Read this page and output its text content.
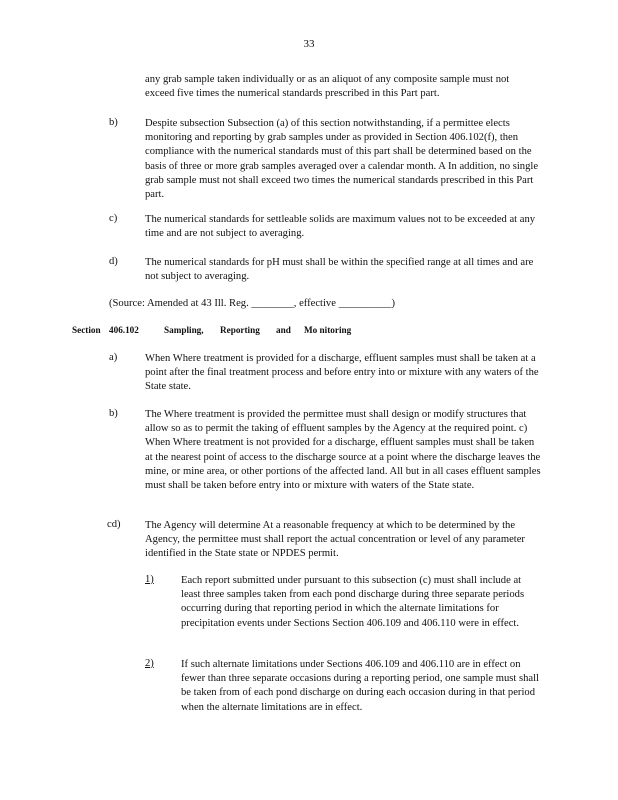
33
any grab sample taken individually or as an aliquot of any composite sample must not exceed five times the numerical standards prescribed in this Part part.
b)	Despite subsection Subsection (a) of this section notwithstanding, if a permittee elects monitoring and reporting by grab samples under as provided in Section 406.102(f), then compliance with the numerical standards must of this part shall be determined based on the basis of three or more grab samples averaged over a calendar month. A In addition, no single grab sample must not shall exceed two times the numerical standards prescribed in this Part part.
c)	The numerical standards for settleable solids are maximum values not to be exceeded at any time and are not subject to averaging.
d)	The numerical standards for pH must shall be within the specified range at all times and are not subject to averaging.
(Source: Amended at 43 Ill. Reg. ________, effective __________)
Section 406.102	Sampling,	Reporting	and	Mo nitoring
a)	When Where treatment is provided for a discharge, effluent samples must shall be taken at a point after the final treatment process and before entry into or mixture with any waters of the State state.
b)	The Where treatment is provided the permittee must shall design or modify structures that allow so as to permit the taking of effluent samples by the Agency at the required point. c) When Where treatment is not provided for a discharge, effluent samples must shall be taken at the nearest point of access to the discharge source at a point where the discharge leaves the mine, or mine area, or other portions of the affected land. All but in all cases effluent samples must shall be taken before entry into or mixture with waters of the State state.
cd) The Agency will determine At a reasonable frequency at which to be determined by the Agency, the permittee must shall report the actual concentration or level of any parameter identified in the State state or NPDES permit.
1)	Each report submitted under pursuant to this subsection (c) must shall include at least three samples taken from each pond discharge during three separate periods occurring during that reporting period in which the alternate limitations for precipitation events under Sections Section 406.109 and 406.110 were in effect.
2)	If such alternate limitations under Sections 406.109 and 406.110 are in effect on fewer than three separate occasions during a reporting period, one sample must shall be taken from of each pond discharge on during each occasion during in that period when the alternate limitations are in effect.
